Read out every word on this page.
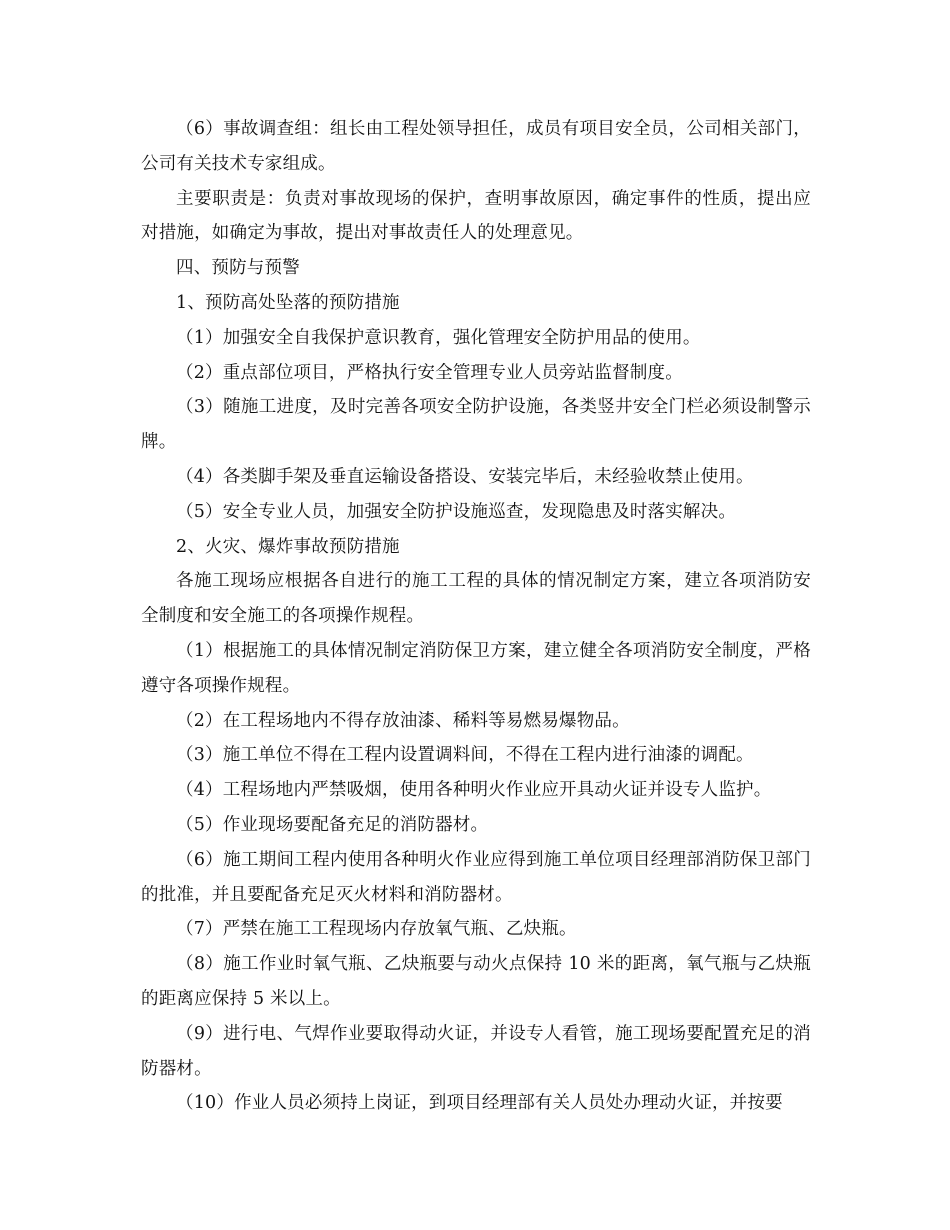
（6）事故调查组：组长由工程处领导担任，成员有项目安全员，公司相关部门，公司有关技术专家组成。

主要职责是：负责对事故现场的保护，查明事故原因，确定事件的性质，提出应对措施，如确定为事故，提出对事故责任人的处理意见。

四、预防与预警

1、预防高处坠落的预防措施

（1）加强安全自我保护意识教育，强化管理安全防护用品的使用。

（2）重点部位项目，严格执行安全管理专业人员旁站监督制度。

（3）随施工进度，及时完善各项安全防护设施，各类竖井安全门栏必须设制警示牌。

（4）各类脚手架及垂直运输设备搭设、安装完毕后，未经验收禁止使用。

（5）安全专业人员，加强安全防护设施巡查，发现隐患及时落实解决。

2、火灾、爆炸事故预防措施

各施工现场应根据各自进行的施工工程的具体的情况制定方案，建立各项消防安全制度和安全施工的各项操作规程。

（1）根据施工的具体情况制定消防保卫方案，建立健全各项消防安全制度，严格遵守各项操作规程。

（2）在工程场地内不得存放油漆、稀料等易燃易爆物品。

（3）施工单位不得在工程内设置调料间，不得在工程内进行油漆的调配。

（4）工程场地内严禁吸烟，使用各种明火作业应开具动火证并设专人监护。

（5）作业现场要配备充足的消防器材。

（6）施工期间工程内使用各种明火作业应得到施工单位项目经理部消防保卫部门的批准，并且要配备充足灭火材料和消防器材。

（7）严禁在施工工程现场内存放氧气瓶、乙炔瓶。

（8）施工作业时氧气瓶、乙炔瓶要与动火点保持 10 米的距离，氧气瓶与乙炔瓶的距离应保持 5 米以上。

（9）进行电、气焊作业要取得动火证，并设专人看管，施工现场要配置充足的消防器材。

（10）作业人员必须持上岗证，到项目经理部有关人员处办理动火证，并按要
